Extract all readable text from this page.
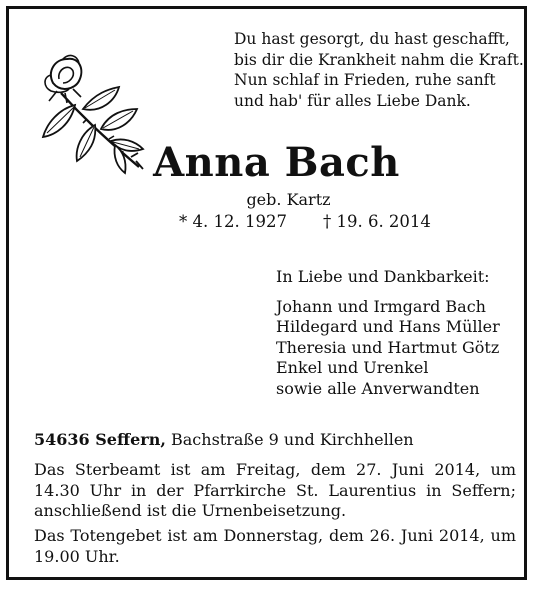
Du hast gesorgt, du hast geschafft,
bis dir die Krankheit nahm die Kraft.
Nun schlaf in Frieden, ruhe sanft
und hab' für alles Liebe Dank.
Anna Bach
geb. Kartz
* 4. 12. 1927 † 19. 6. 2014
In Liebe und Dankbarkeit:
Johann und Irmgard Bach
Hildegard und Hans Müller
Theresia und Hartmut Götz
Enkel und Urenkel
sowie alle Anverwandten
54636 Seffern, Bachstraße 9 und Kirchhellen
Das Sterbeamt ist am Freitag, dem 27. Juni 2014, um 14.30 Uhr in der Pfarrkirche St. Laurentius in Seffern; anschließend ist die Urnenbeisetzung.
Das Totengebet ist am Donnerstag, dem 26. Juni 2014, um 19.00 Uhr.
